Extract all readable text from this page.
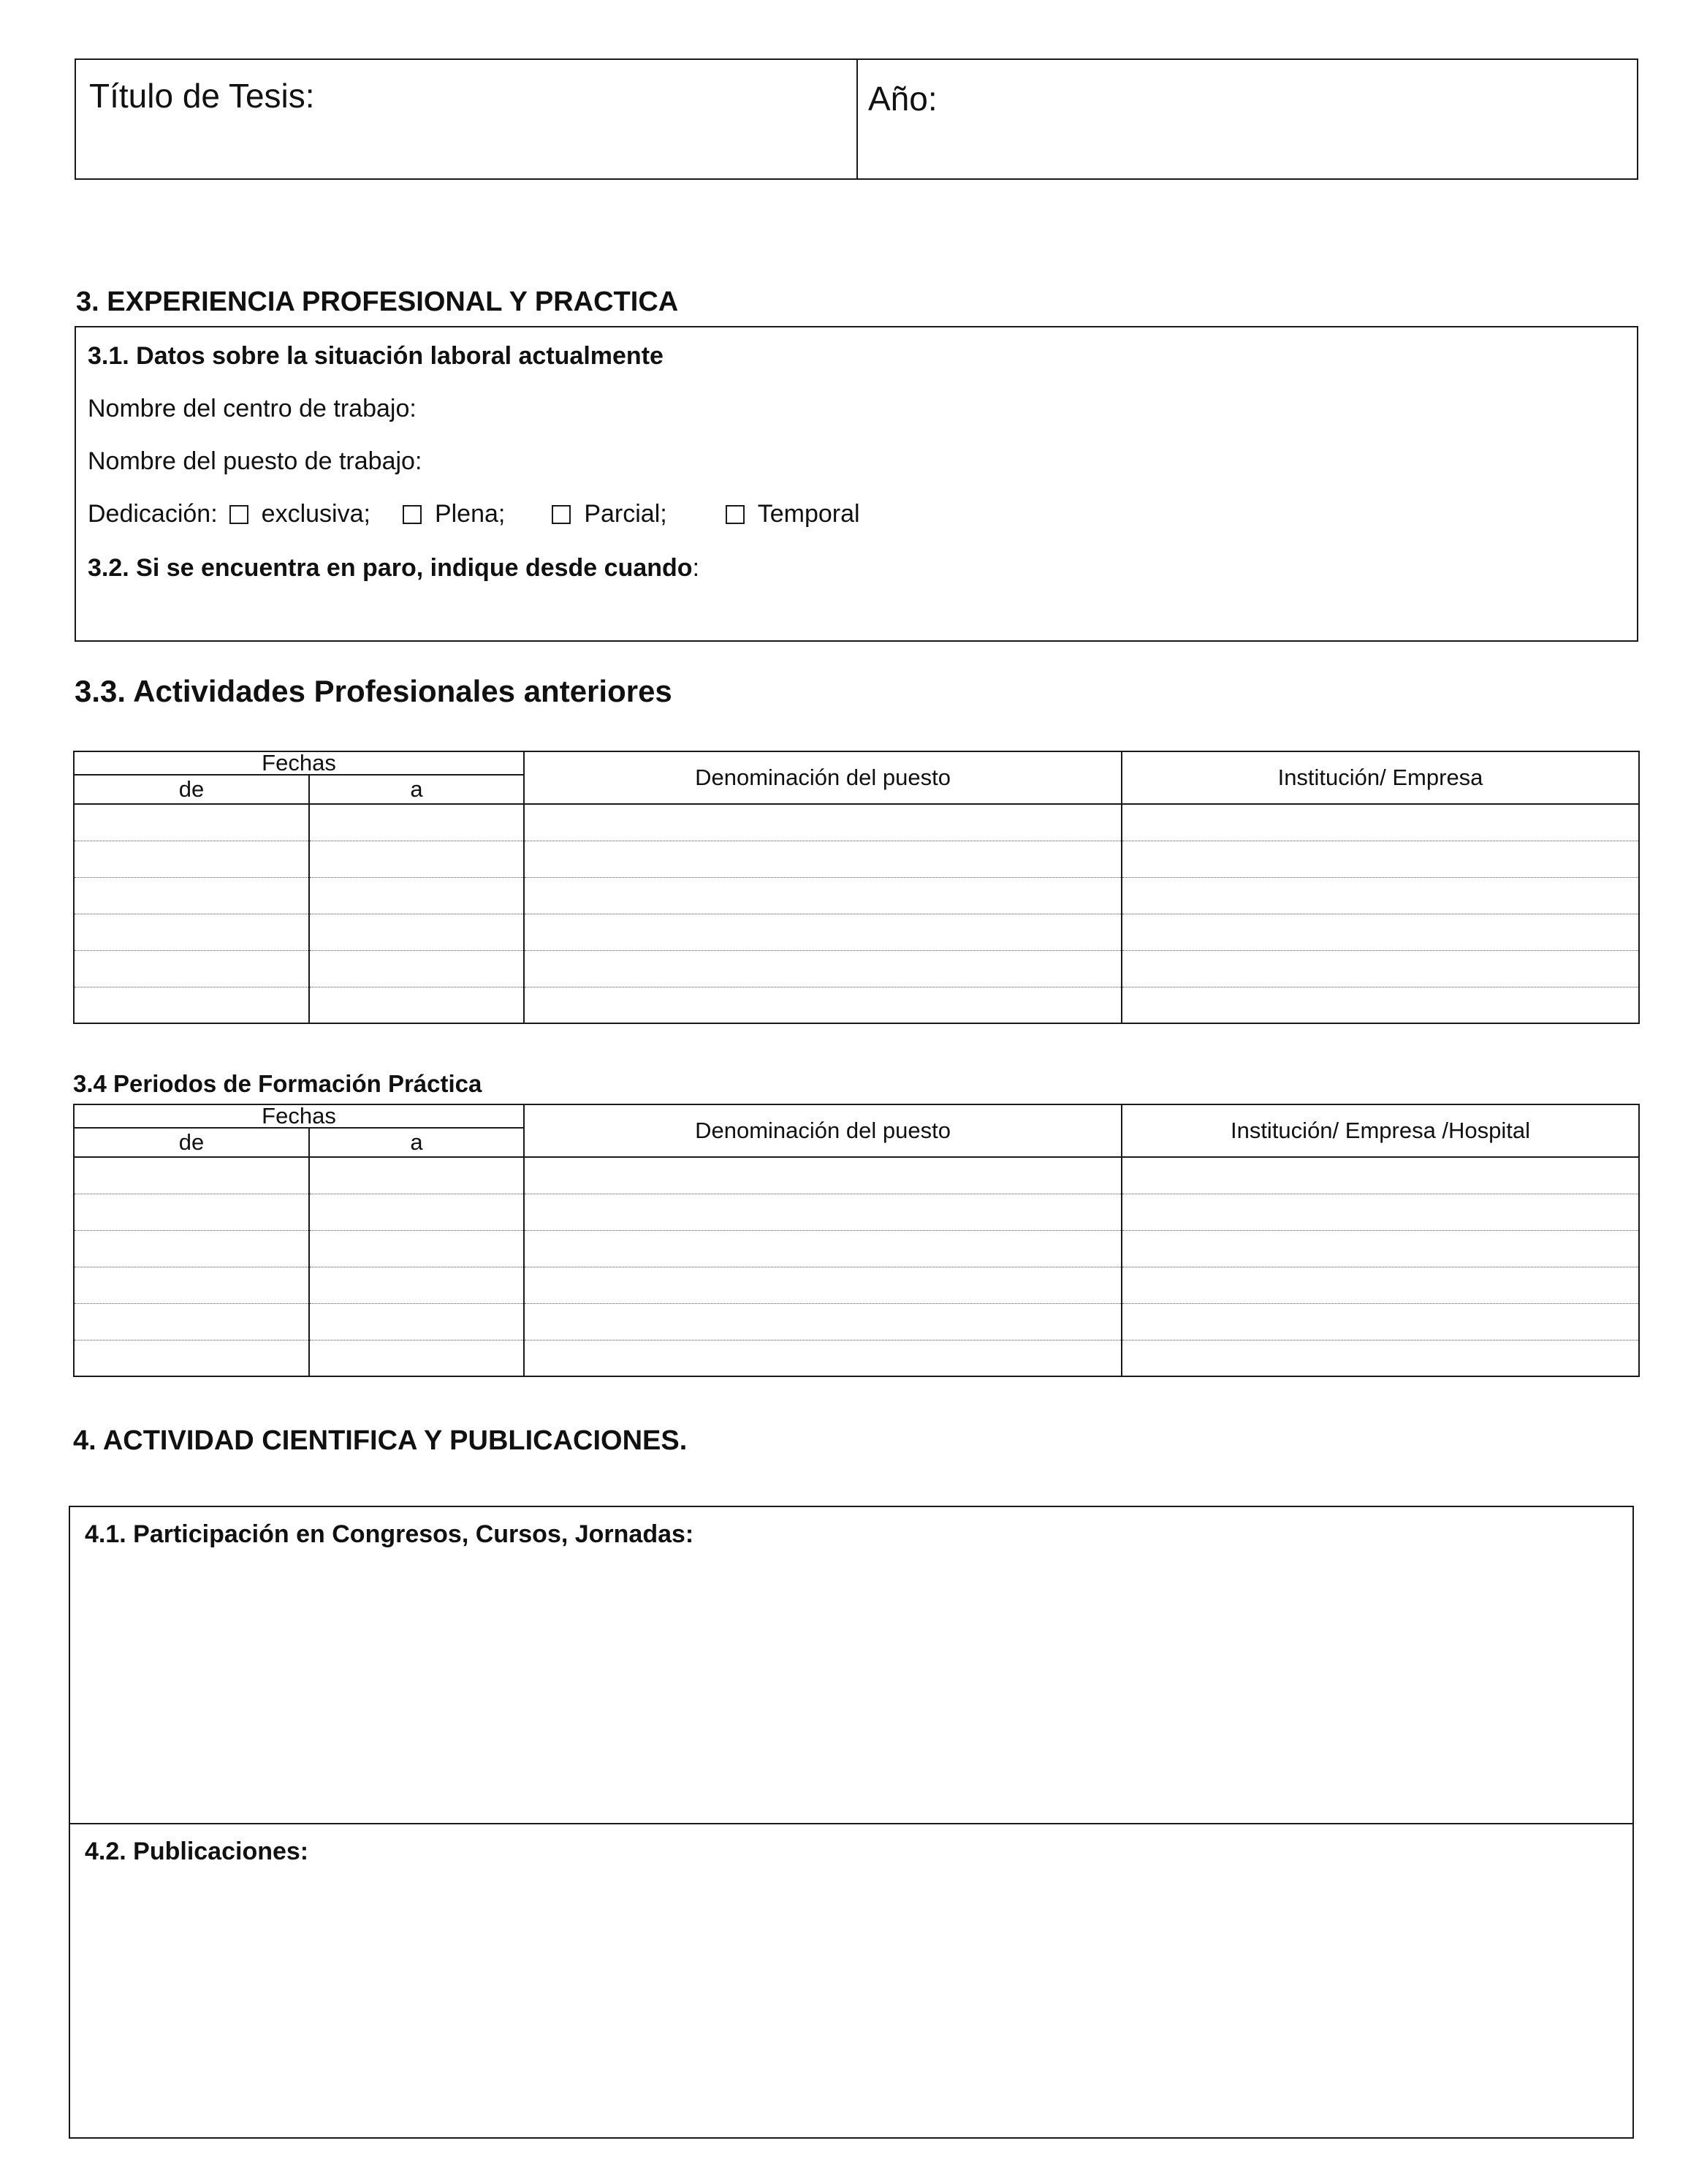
Título de Tesis:	Año:
3. EXPERIENCIA PROFESIONAL Y PRACTICA
3.1. Datos sobre la situación laboral actualmente
Nombre del centro de trabajo:
Nombre del puesto de trabajo:
Dedicación: exclusiva;	Plena;	Parcial;	Temporal
3.2. Si se encuentra en paro, indique desde cuando:
3.3. Actividades Profesionales anteriores
Fechas		Denominación del puesto	Institución/ Empresa
de	a		

3.4 Periodos de Formación Práctica
Fechas		Denominación del puesto	Institución/ Empresa /Hospital
de	a		

4. ACTIVIDAD CIENTIFICA Y PUBLICACIONES.
4.1. Participación en Congresos, Cursos, Jornadas:
4.2. Publicaciones:
